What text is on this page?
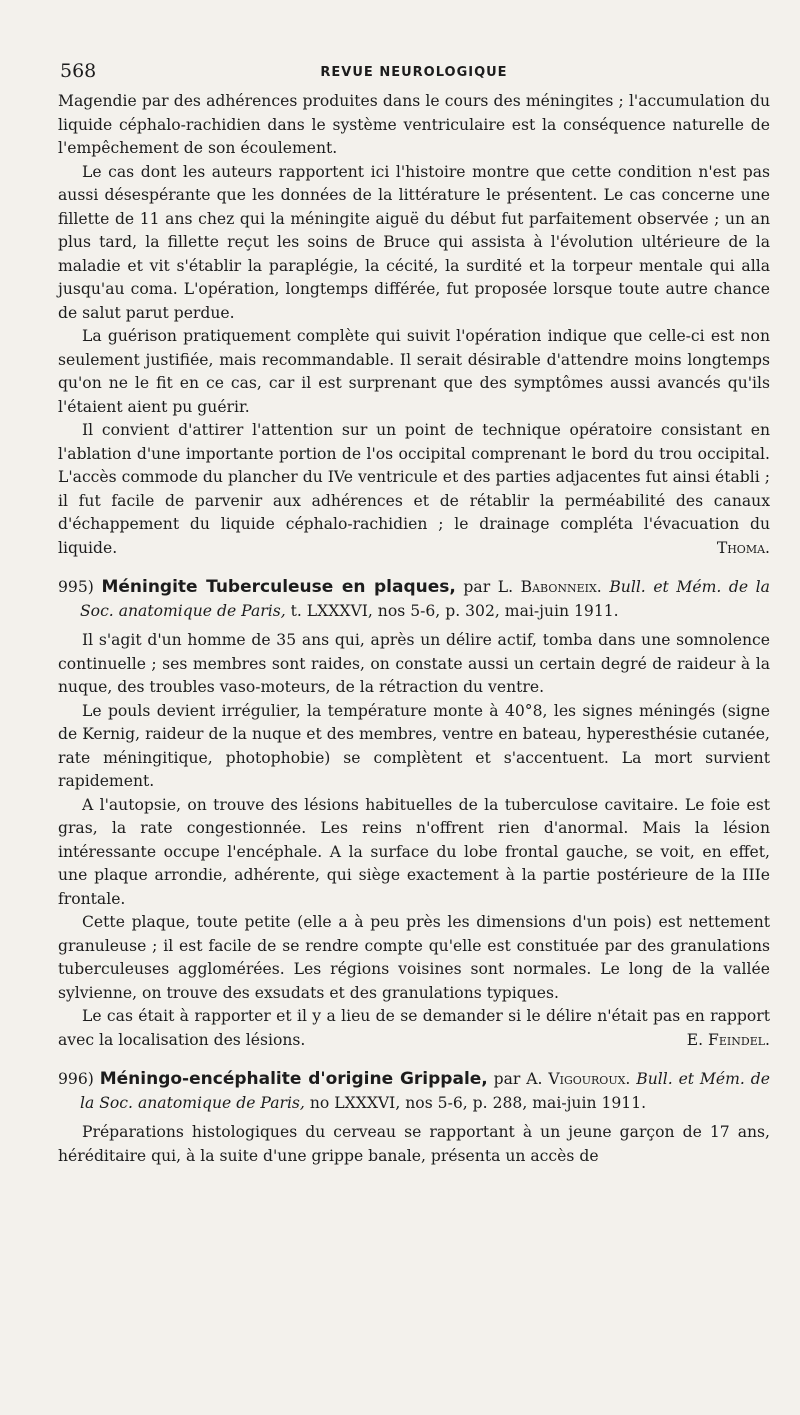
568	REVUE NEUROLOGIQUE

Magendie par des adhérences produites dans le cours des méningites ; l'accumulation du liquide céphalo-rachidien dans le système ventriculaire est la conséquence naturelle de l'empêchement de son écoulement.

Le cas dont les auteurs rapportent ici l'histoire montre que cette condition n'est pas aussi désespérante que les données de la littérature le présentent. Le cas concerne une fillette de 11 ans chez qui la méningite aiguë du début fut parfaitement observée ; un an plus tard, la fillette reçut les soins de Bruce qui assista à l'évolution ultérieure de la maladie et vit s'établir la paraplégie, la cécité, la surdité et la torpeur mentale qui alla jusqu'au coma. L'opération, longtemps différée, fut proposée lorsque toute autre chance de salut parut perdue.

La guérison pratiquement complète qui suivit l'opération indique que celle-ci est non seulement justifiée, mais recommandable. Il serait désirable d'attendre moins longtemps qu'on ne le fit en ce cas, car il est surprenant que des symptômes aussi avancés qu'ils l'étaient aient pu guérir.

Il convient d'attirer l'attention sur un point de technique opératoire consistant en l'ablation d'une importante portion de l'os occipital comprenant le bord du trou occipital. L'accès commode du plancher du IVe ventricule et des parties adjacentes fut ainsi établi ; il fut facile de parvenir aux adhérences et de rétablir la perméabilité des canaux d'échappement du liquide céphalo-rachidien ; le drainage compléta l'évacuation du liquide.	Thoma.

995) Méningite Tuberculeuse en plaques, par L. Babonneix. Bull. et Mém. de la Soc. anatomique de Paris, t. LXXXVI, nos 5-6, p. 302, mai-juin 1911.

Il s'agit d'un homme de 35 ans qui, après un délire actif, tomba dans une somnolence continuelle ; ses membres sont raides, on constate aussi un certain degré de raideur à la nuque, des troubles vaso-moteurs, de la rétraction du ventre.

Le pouls devient irrégulier, la température monte à 40°8, les signes méningés (signe de Kernig, raideur de la nuque et des membres, ventre en bateau, hyperesthésie cutanée, rate méningitique, photophobie) se complètent et s'accentuent. La mort survient rapidement.

A l'autopsie, on trouve des lésions habituelles de la tuberculose cavitaire. Le foie est gras, la rate congestionnée. Les reins n'offrent rien d'anormal. Mais la lésion intéressante occupe l'encéphale. A la surface du lobe frontal gauche, se voit, en effet, une plaque arrondie, adhérente, qui siège exactement à la partie postérieure de la IIIe frontale.

Cette plaque, toute petite (elle a à peu près les dimensions d'un pois) est nettement granuleuse ; il est facile de se rendre compte qu'elle est constituée par des granulations tuberculeuses agglomérées. Les régions voisines sont normales. Le long de la vallée sylvienne, on trouve des exsudats et des granulations typiques.

Le cas était à rapporter et il y a lieu de se demander si le délire n'était pas en rapport avec la localisation des lésions.	E. Feindel.

996) Méningo-encéphalite d'origine Grippale, par A. Vigouroux. Bull. et Mém. de la Soc. anatomique de Paris, no LXXXVI, nos 5-6, p. 288, mai-juin 1911.

Préparations histologiques du cerveau se rapportant à un jeune garçon de 17 ans, héréditaire qui, à la suite d'une grippe banale, présenta un accès de
